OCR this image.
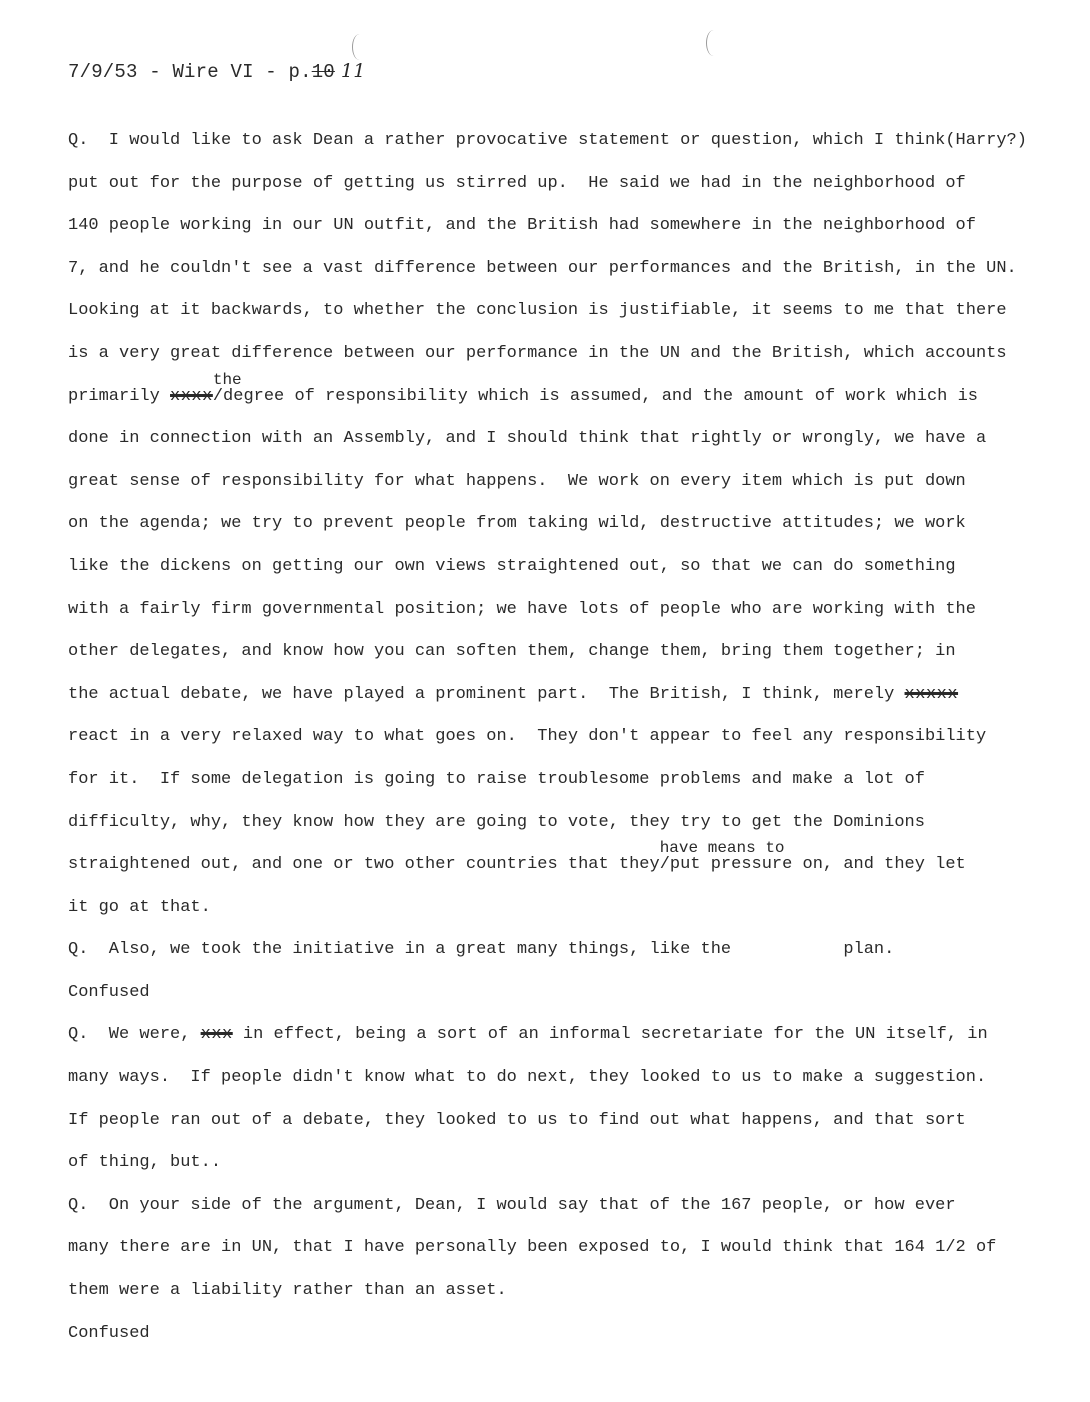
7/9/53 - Wire VI - p.10 11
Q.  I would like to ask Dean a rather provocative statement or question, which I think(Harry?)
put out for the purpose of getting us stirred up.  He said we had in the neighborhood of
140 people working in our UN outfit, and the British had somewhere in the neighborhood of
7, and he couldn't see a vast difference between our performances and the British, in the UN.
Looking at it backwards, to whether the conclusion is justifiable, it seems to me that there
is a very great difference between our performance in the UN and the British, which accounts
primarily xxxx/
the
degree of responsibility which is assumed, and the amount of work which is
done in connection with an Assembly, and I should think that rightly or wrongly, we have a
great sense of responsibility for what happens.  We work on every item which is put down
on the agenda; we try to prevent people from taking wild, destructive attitudes; we work
like the dickens on getting our own views straightened out, so that we can do something
with a fairly firm governmental position; we have lots of people who are working with the
other delegates, and know how you can soften them, change them, bring them together; in
the actual debate, we have played a prominent part.  The British, I think, merely xxxxx
react in a very relaxed way to what goes on.  They don't appear to feel any responsibility
for it.  If some delegation is going to raise troublesome problems and make a lot of
difficulty, why, they know how they are going to vote, they try to get the Dominions
straightened out, and one or two other countries that they/
have means to
put pressure on, and they let
it go at that.
Q.  Also, we took the initiative in a great many things, like the           plan.
Confused
Q.  We were, xxx in effect, being a sort of an informal secretariate for the UN itself, in
many ways.  If people didn't know what to do next, they looked to us to make a suggestion.
If people ran out of a debate, they looked to us to find out what happens, and that sort
of thing, but..
Q.  On your side of the argument, Dean, I would say that of the 167 people, or how ever
many there are in UN, that I have personally been exposed to, I would think that 164 1/2 of
them were a liability rather than an asset.
Confused
